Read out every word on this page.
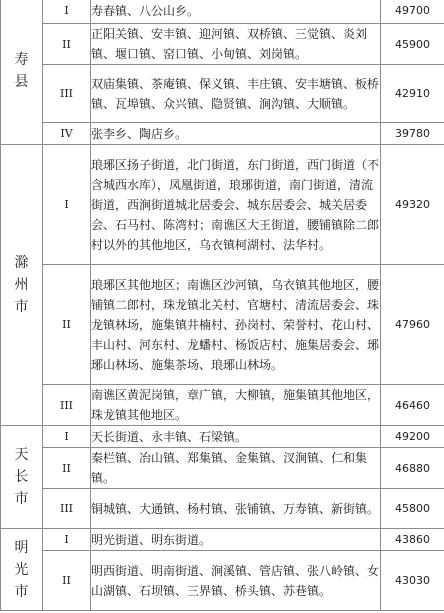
寿县	I	寿春镇、八公山乡。	49700
	II	正阳关镇、安丰镇、迎河镇、双桥镇、三觉镇、炎刘镇、堰口镇、窑口镇、小甸镇、刘岗镇。	45900
	III	双庙集镇、茶庵镇、保义镇、丰庄镇、安丰塘镇、板桥镇、瓦埠镇、众兴镇、隐贤镇、涧沟镇、大顺镇。	42910
	IV	张李乡、陶店乡。	39780
滁州市	I	琅琊区扬子街道，北门街道，东门街道，西门街道（不含城西水库），凤凰街道，琅琊街道，南门街道，清流街道，西涧街道城北居委会、城东居委会、城关居委会、石马村、陈湾村；南谯区大王街道，腰铺镇除二郎村以外的其他地区，乌衣镇柯湖村、法华村。	49320
	II	琅琊区其他地区；南谯区沙河镇，乌衣镇其他地区，腰铺镇二郎村，珠龙镇北关村、官塘村、清流居委会、珠龙镇林场，施集镇井楠村、孙岗村、荣誉村、花山村、丰山村、河东村、龙蟠村、杨饭店村、施集居委会、琊琊山林场、施集茶场、琅琊山林场。	47960
	III	南谯区黄泥岗镇，章广镇，大柳镇，施集镇其他地区，珠龙镇其他地区。	46460
天长市	I	天长街道、永丰镇、石梁镇。	49200
	II	秦栏镇、冶山镇、郑集镇、金集镇、汊涧镇、仁和集镇。	46880
	III	铜城镇、大通镇、杨村镇、张铺镇、万寿镇、新街镇。	45800
明光市	I	明光街道、明东街道。	43860
	II	明西街道、明南街道、涧溪镇、管店镇、张八岭镇、女山湖镇、石坝镇、三界镇、桥头镇、苏巷镇。	43030
